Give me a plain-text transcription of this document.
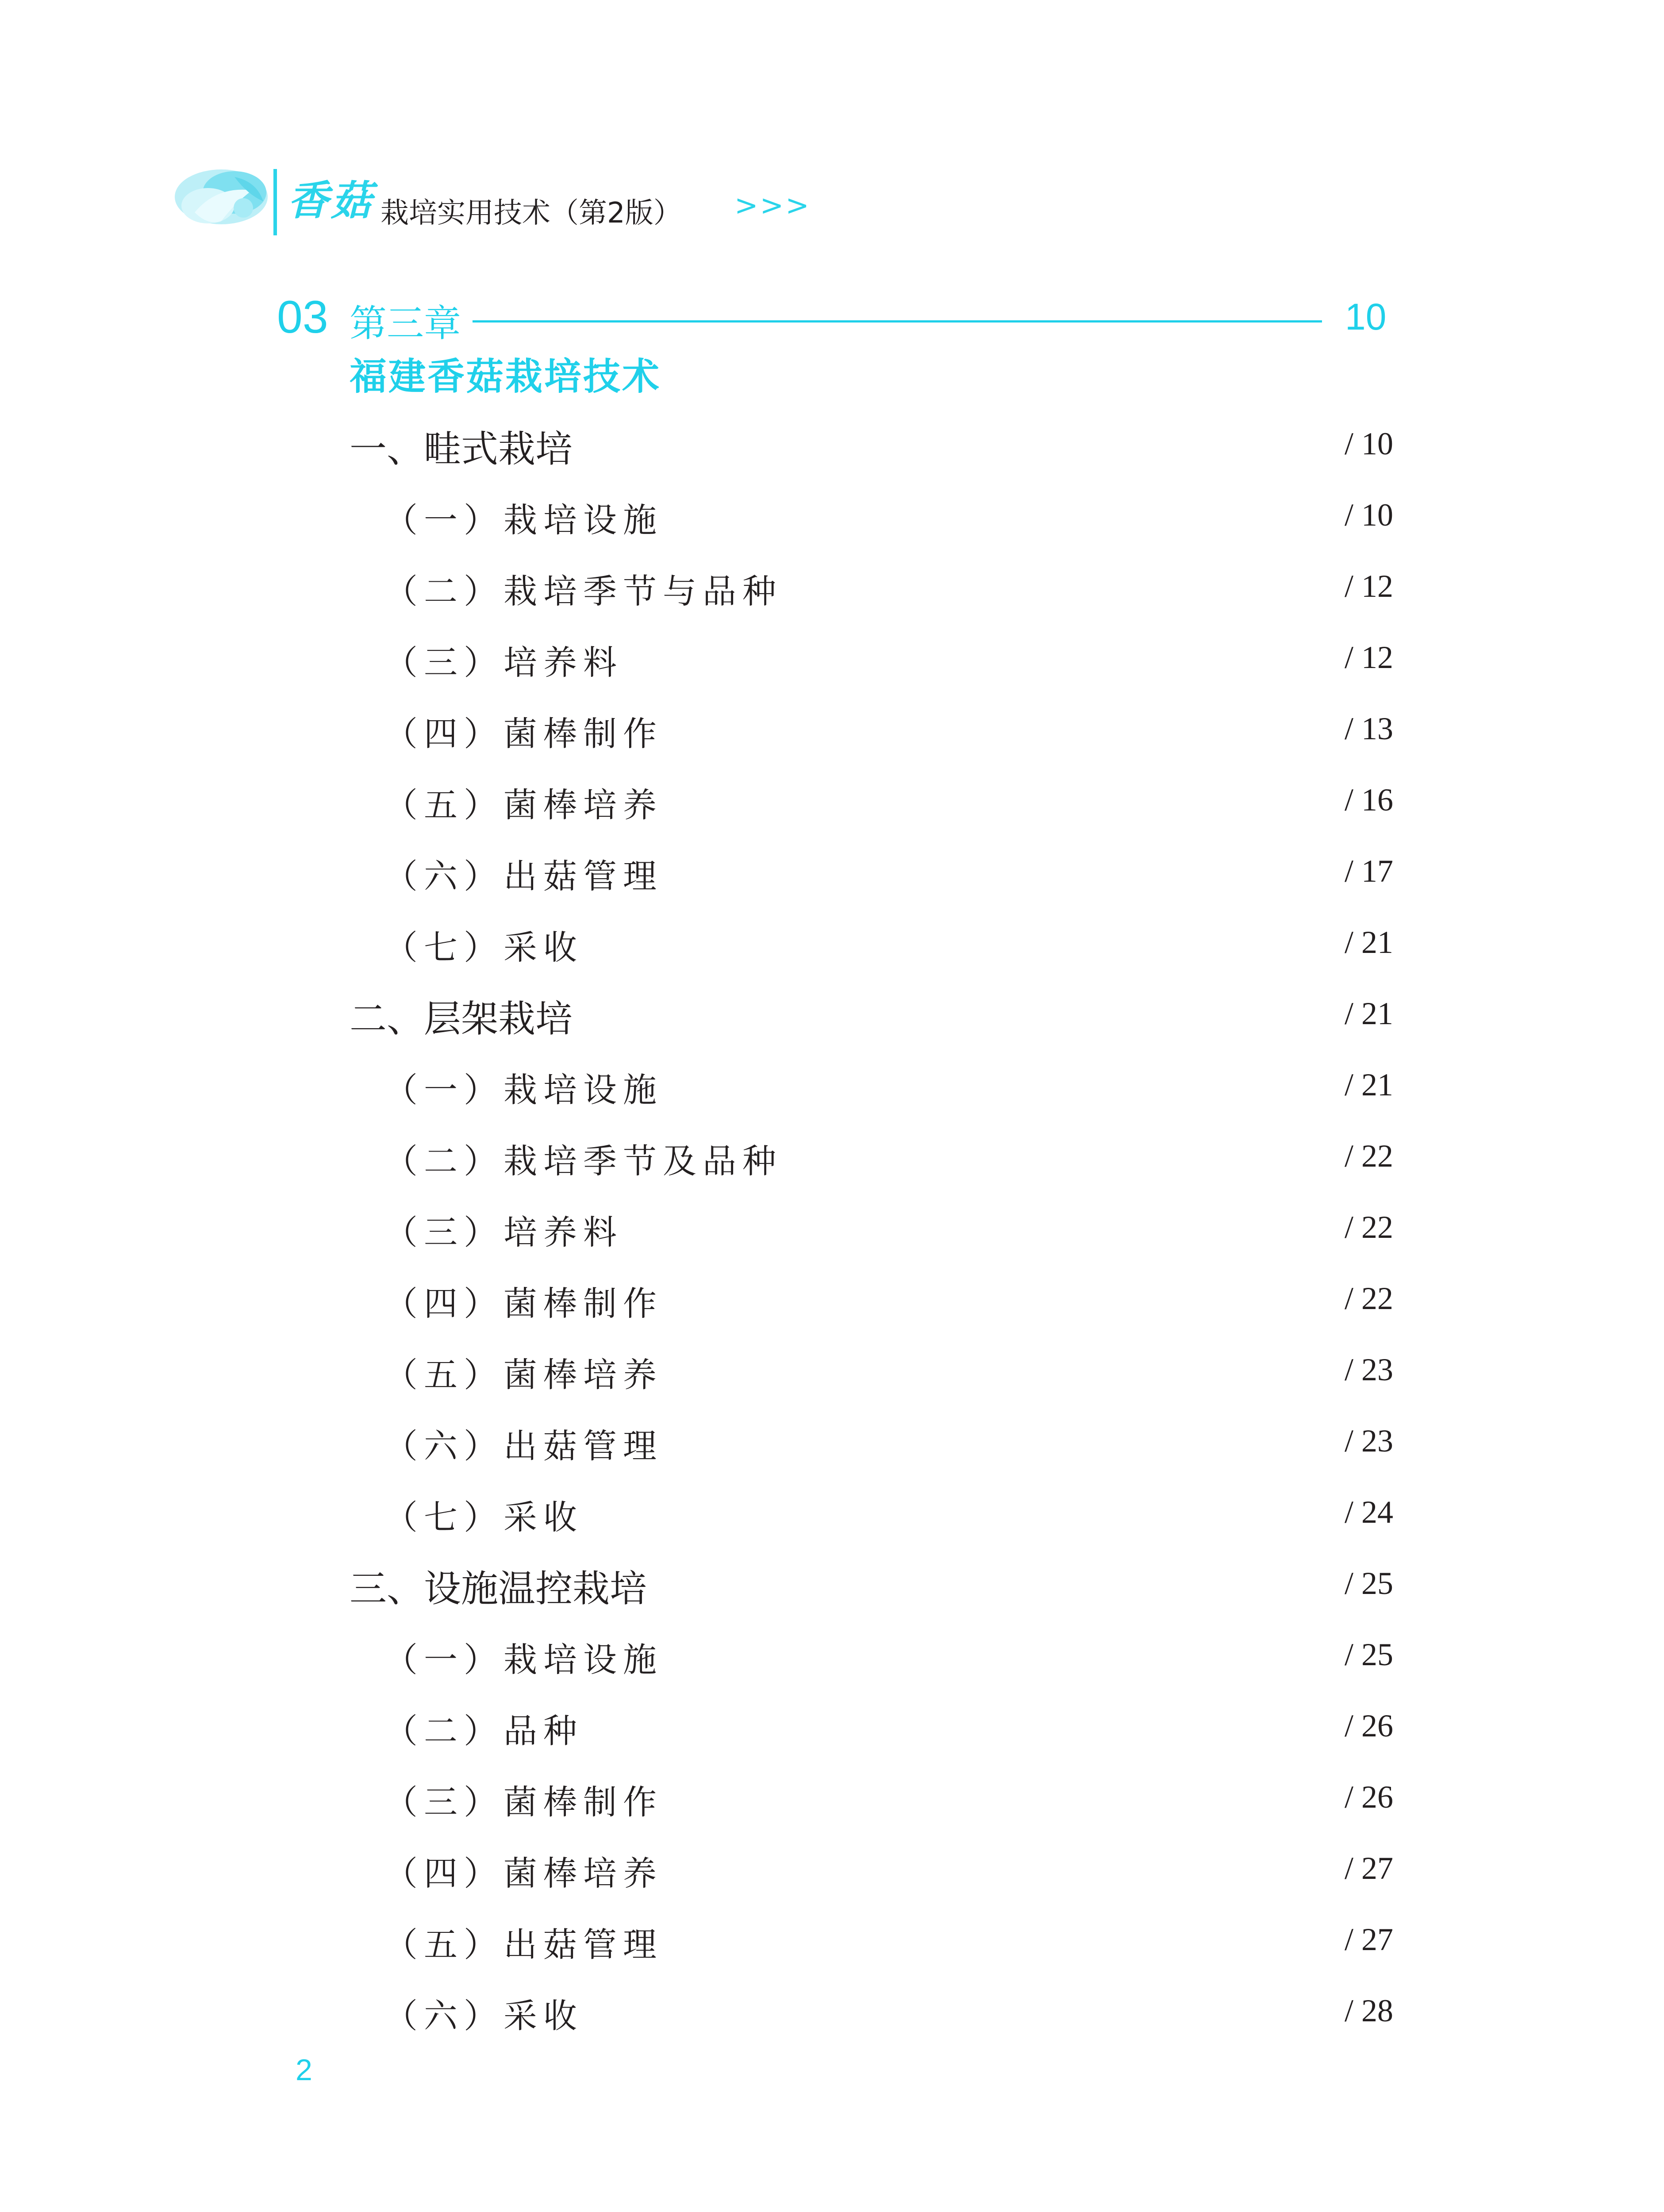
香菇 栽培实用技术（第2版） >>>
03 第三章	10
福建香菇栽培技术
一、畦式栽培	/ 10
（一）栽培设施	/ 10
（二）栽培季节与品种	/ 12
（三）培养料	/ 12
（四）菌棒制作	/ 13
（五）菌棒培养	/ 16
（六）出菇管理	/ 17
（七）采收	/ 21
二、层架栽培	/ 21
（一）栽培设施	/ 21
（二）栽培季节及品种	/ 22
（三）培养料	/ 22
（四）菌棒制作	/ 22
（五）菌棒培养	/ 23
（六）出菇管理	/ 23
（七）采收	/ 24
三、设施温控栽培	/ 25
（一）栽培设施	/ 25
（二）品种	/ 26
（三）菌棒制作	/ 26
（四）菌棒培养	/ 27
（五）出菇管理	/ 27
（六）采收	/ 28
2
